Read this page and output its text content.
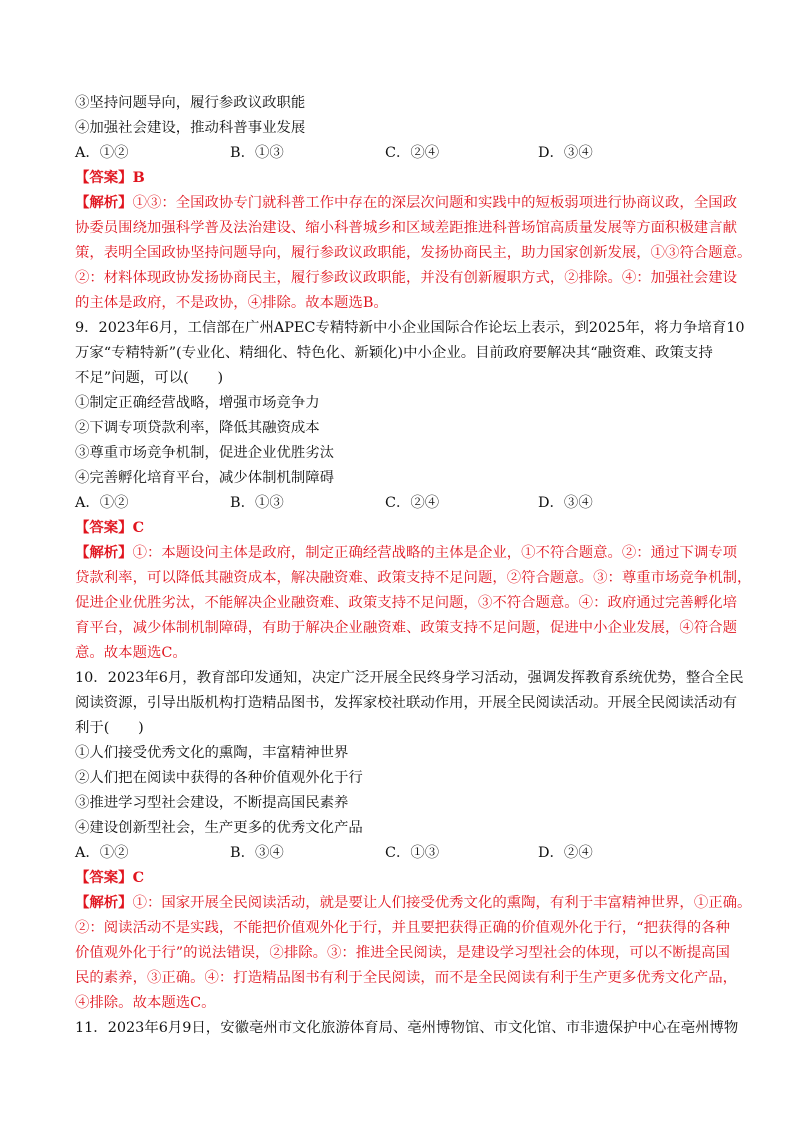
③坚持问题导向，履行参政议政职能
④加强社会建设，推动科普事业发展
A．①②	B．①③	C．②④	D．③④
【答案】B
【解析】①③：全国政协专门就科普工作中存在的深层次问题和实践中的短板弱项进行协商议政，全国政
协委员围绕加强科学普及法治建设、缩小科普城乡和区域差距推进科普场馆高质量发展等方面积极建言献
策，表明全国政协坚持问题导向，履行参政议政职能，发扬协商民主，助力国家创新发展，①③符合题意。
②：材料体现政协发扬协商民主，履行参政议政职能，并没有创新履职方式，②排除。④：加强社会建设
的主体是政府，不是政协，④排除。故本题选B。
9．2023年6月，工信部在广州APEC专精特新中小企业国际合作论坛上表示，到2025年，将力争培育10
万家“专精特新”(专业化、精细化、特色化、新颖化)中小企业。目前政府要解决其“融资难、政策支持
不足”问题，可以(　　)
①制定正确经营战略，增强市场竞争力
②下调专项贷款利率，降低其融资成本
③尊重市场竞争机制，促进企业优胜劣汰
④完善孵化培育平台，减少体制机制障碍
A．①②	B．①③	C．②④	D．③④
【答案】C
【解析】①：本题设问主体是政府，制定正确经营战略的主体是企业，①不符合题意。②：通过下调专项
贷款利率，可以降低其融资成本，解决融资难、政策支持不足问题，②符合题意。③：尊重市场竞争机制，
促进企业优胜劣汰，不能解决企业融资难、政策支持不足问题，③不符合题意。④：政府通过完善孵化培
育平台，减少体制机制障碍，有助于解决企业融资难、政策支持不足问题，促进中小企业发展，④符合题
意。故本题选C。
10．2023年6月，教育部印发通知，决定广泛开展全民终身学习活动，强调发挥教育系统优势，整合全民
阅读资源，引导出版机构打造精品图书，发挥家校社联动作用，开展全民阅读活动。开展全民阅读活动有
利于(　　)
①人们接受优秀文化的熏陶，丰富精神世界
②人们把在阅读中获得的各种价值观外化于行
③推进学习型社会建设，不断提高国民素养
④建设创新型社会，生产更多的优秀文化产品
A．①②	B．③④	C．①③	D．②④
【答案】C
【解析】①：国家开展全民阅读活动，就是要让人们接受优秀文化的熏陶，有利于丰富精神世界，①正确。
②：阅读活动不是实践，不能把价值观外化于行，并且要把获得正确的价值观外化于行，“把获得的各种
价值观外化于行”的说法错误，②排除。③：推进全民阅读，是建设学习型社会的体现，可以不断提高国
民的素养，③正确。④：打造精品图书有利于全民阅读，而不是全民阅读有利于生产更多优秀文化产品，
④排除。故本题选C。
11．2023年6月9日，安徽亳州市文化旅游体育局、亳州博物馆、市文化馆、市非遗保护中心在亳州博物
